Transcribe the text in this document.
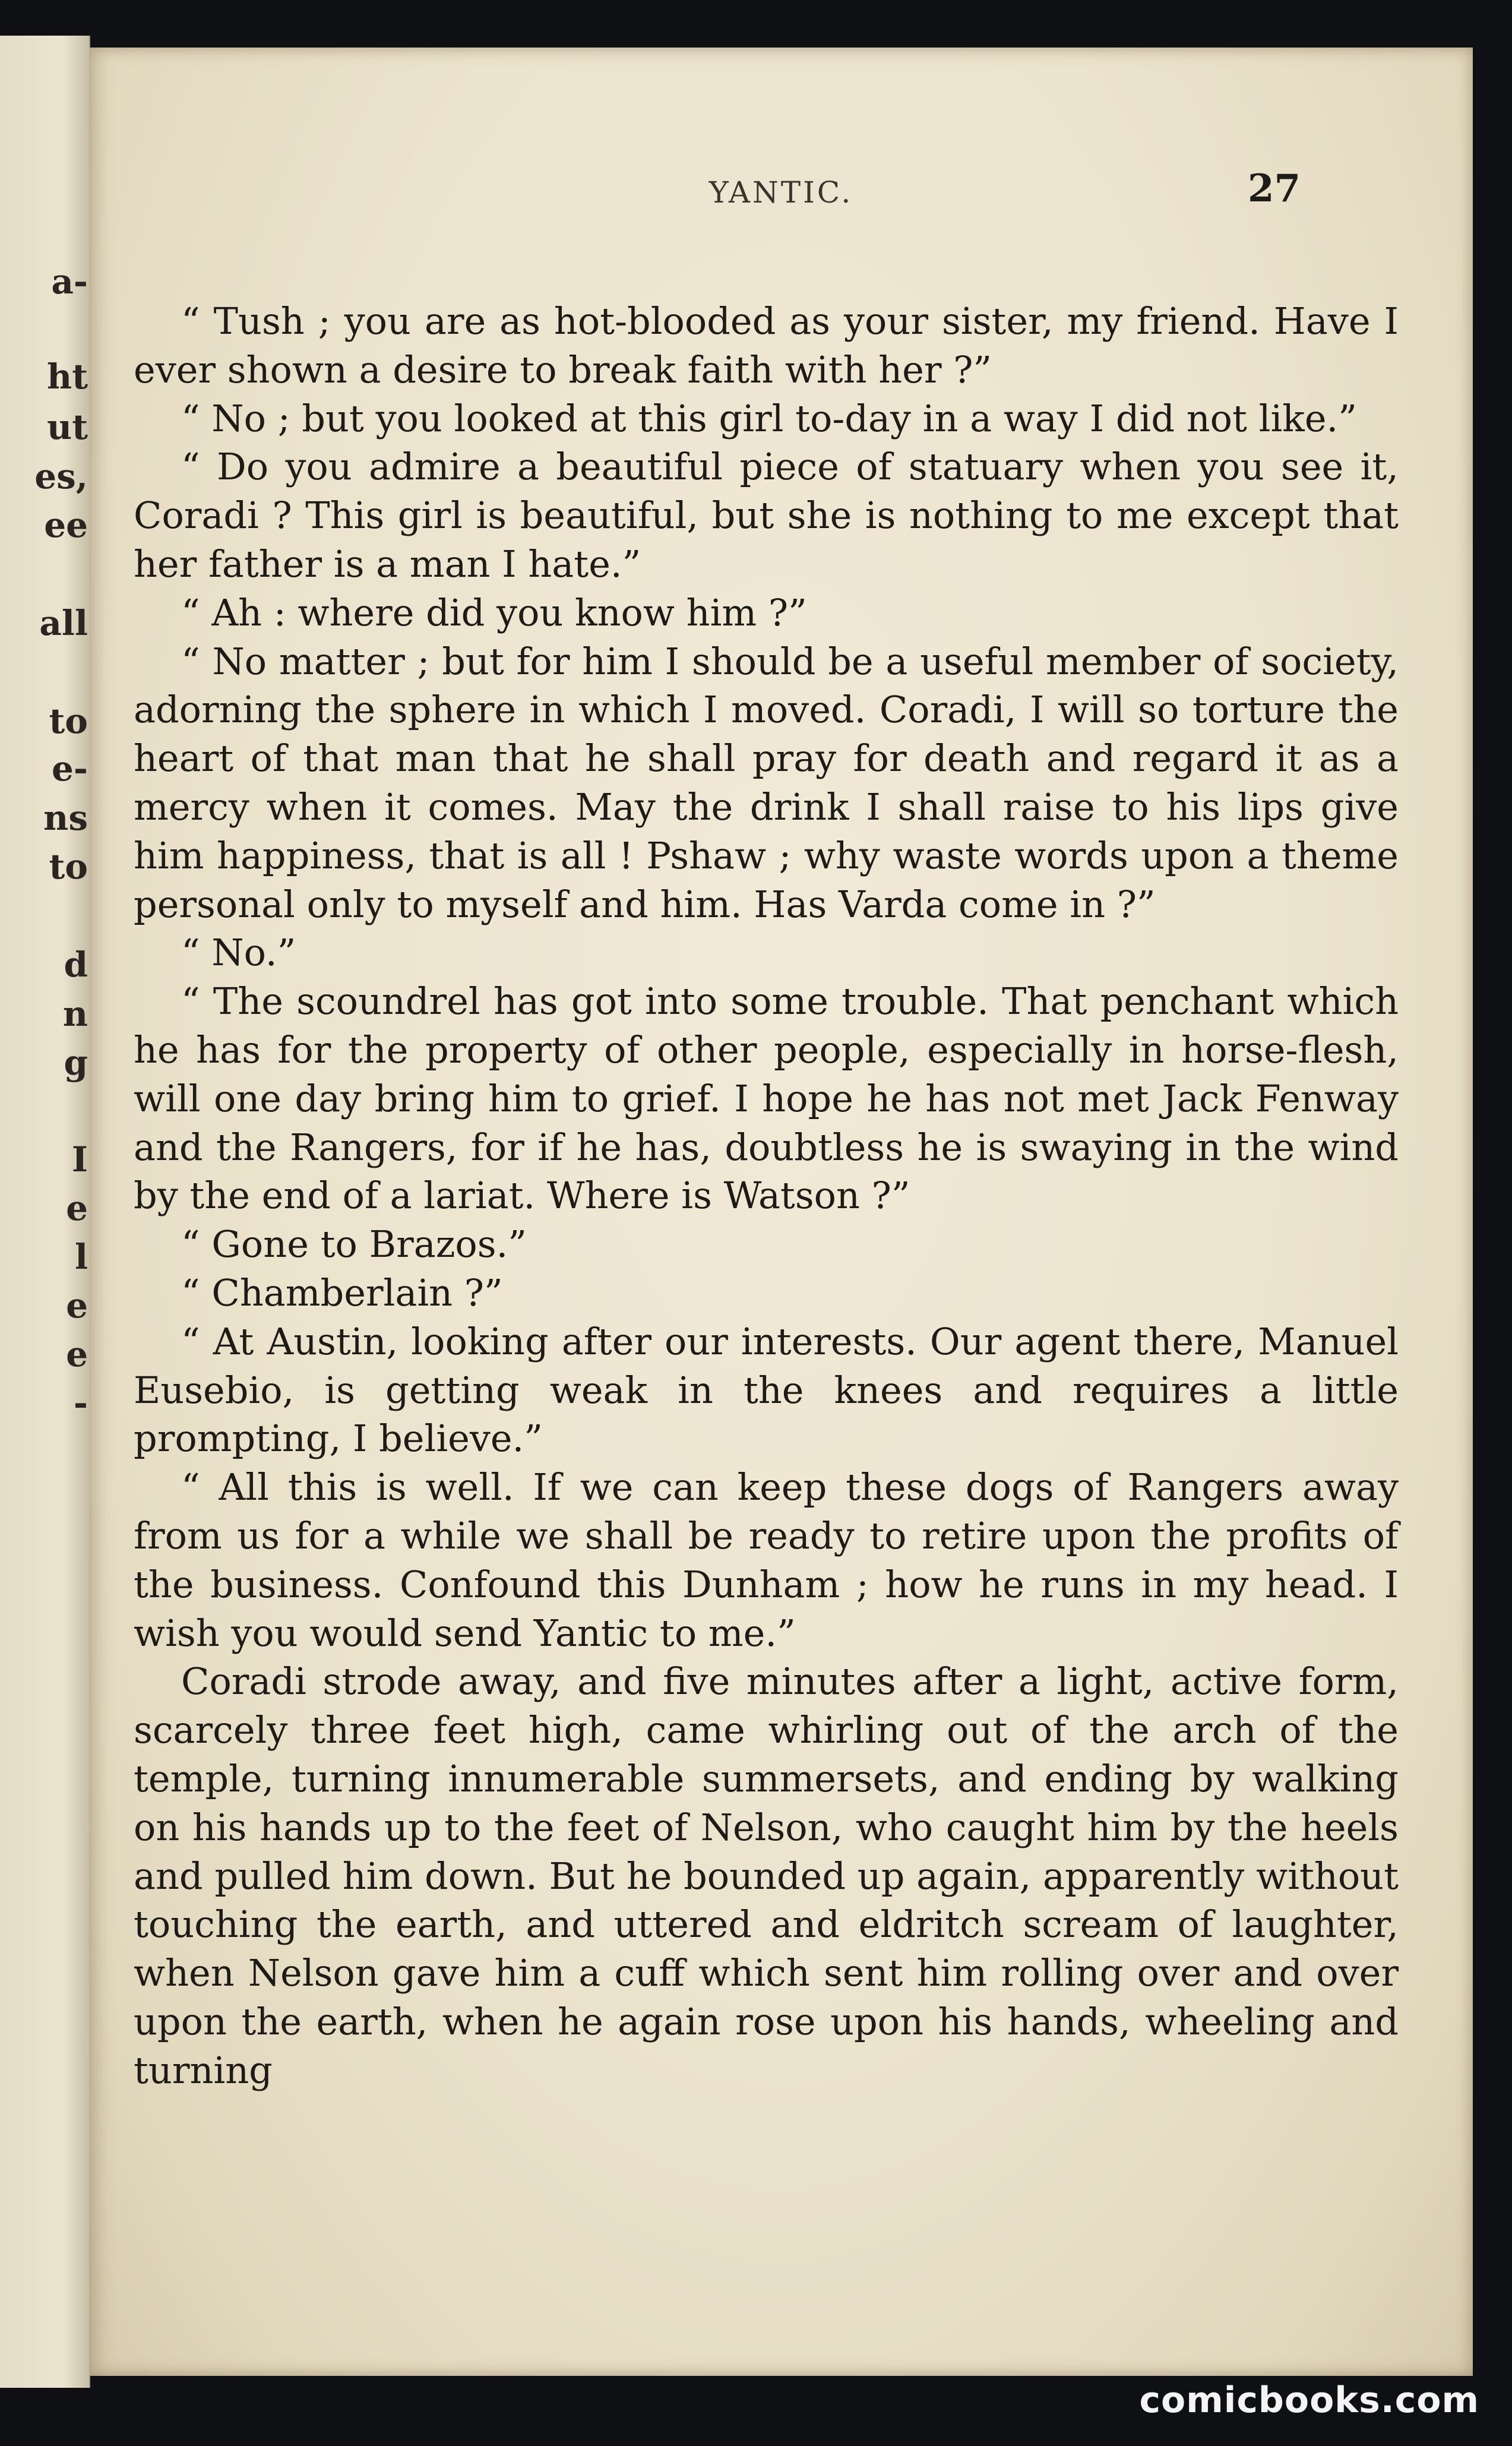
a-
ht
ut
es,
ee
all
to
e-
ns
to
d
n
g
I
e
l
e
e
-
YANTIC.	27

“ Tush ; you are as hot-blooded as your sister, my friend. Have I ever shown a desire to break faith with her ?”

“ No ; but you looked at this girl to-day in a way I did not like.”

“ Do you admire a beautiful piece of statuary when you see it, Coradi ? This girl is beautiful, but she is nothing to me except that her father is a man I hate.”

“ Ah : where did you know him ?”

“ No matter ; but for him I should be a useful member of society, adorning the sphere in which I moved. Coradi, I will so torture the heart of that man that he shall pray for death and regard it as a mercy when it comes. May the drink I shall raise to his lips give him happiness, that is all ! Pshaw ; why waste words upon a theme personal only to myself and him. Has Varda come in ?”

“ No.”

“ The scoundrel has got into some trouble. That penchant which he has for the property of other people, especially in horse-flesh, will one day bring him to grief. I hope he has not met Jack Fenway and the Rangers, for if he has, doubtless he is swaying in the wind by the end of a lariat. Where is Watson ?”

“ Gone to Brazos.”

“ Chamberlain ?”

“ At Austin, looking after our interests. Our agent there, Manuel Eusebio, is getting weak in the knees and requires a little prompting, I believe.”

“ All this is well. If we can keep these dogs of Rangers away from us for a while we shall be ready to retire upon the profits of the business. Confound this Dunham ; how he runs in my head. I wish you would send Yantic to me.”

Coradi strode away, and five minutes after a light, active form, scarcely three feet high, came whirling out of the arch of the temple, turning innumerable summersets, and ending by walking on his hands up to the feet of Nelson, who caught him by the heels and pulled him down. But he bounded up again, apparently without touching the earth, and uttered and eldritch scream of laughter, when Nelson gave him a cuff which sent him rolling over and over upon the earth, when he again rose upon his hands, wheeling and turning

comicbooks.com
